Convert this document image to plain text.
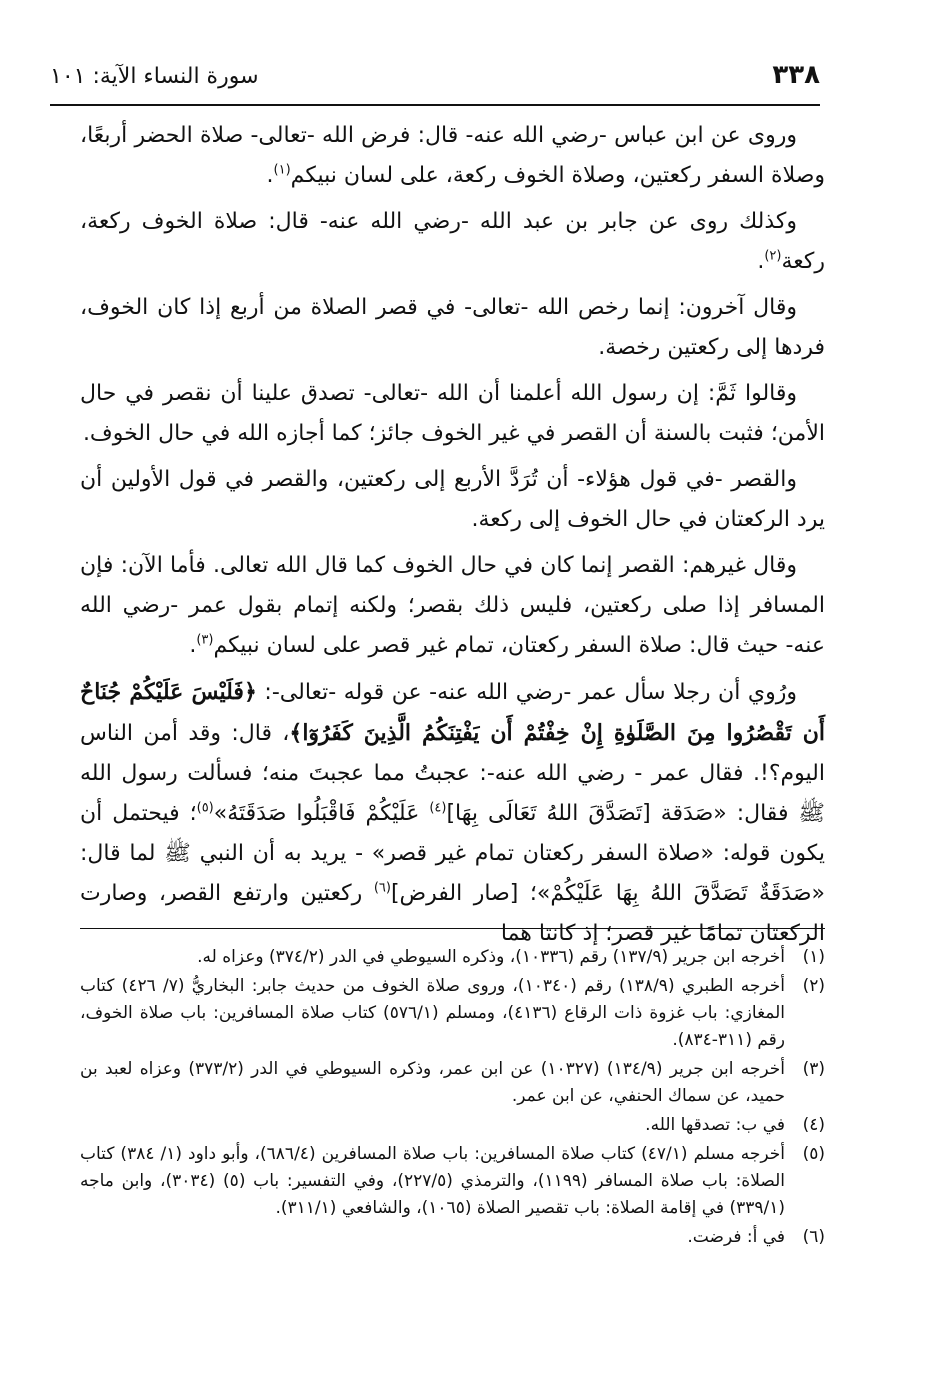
٣٣٨
سورة النساء الآية: ١٠١

وروى عن ابن عباس -رضي الله عنه- قال: فرض الله -تعالى- صلاة الحضر أربعًا، وصلاة السفر ركعتين، وصلاة الخوف ركعة، على لسان نبيكم$^{(١)}$.

وكذلك روى عن جابر بن عبد الله -رضي الله عنه- قال: صلاة الخوف ركعة، ركعة$^{(٢)}$.

وقال آخرون: إنما رخص الله -تعالى- في قصر الصلاة من أربع إذا كان الخوف، فردها إلى ركعتين رخصة.

وقالوا ثَمَّ: إن رسول الله أعلمنا أن الله -تعالى- تصدق علينا أن نقصر في حال الأمن؛ فثبت بالسنة أن القصر في غير الخوف جائز؛ كما أجازه الله في حال الخوف.

والقصر -في قول هؤلاء- أن تُرَدَّ الأربع إلى ركعتين، والقصر في قول الأولين أن يرد الركعتان في حال الخوف إلى ركعة.

وقال غيرهم: القصر إنما كان في حال الخوف كما قال الله تعالى. فأما الآن: فإن المسافر إذا صلى ركعتين، فليس ذلك بقصر؛ ولكنه إتمام بقول عمر -رضي الله عنه- حيث قال: صلاة السفر ركعتان، تمام غير قصر على لسان نبيكم$^{(٣)}$.

ورُوي أن رجلا سأل عمر -رضي الله عنه- عن قوله -تعالى-: ﴿فَلَيْسَ عَلَيْكُمْ جُنَاحٌ أَن تَقْصُرُوا مِنَ الصَّلَوٰةِ إِنْ خِفْتُمْ أَن يَفْتِنَكُمُ الَّذِينَ كَفَرُوٓا﴾، قال: وقد أمن الناس اليوم؟!. فقال عمر - رضي الله عنه-: عجبتُ مما عجبتَ منه؛ فسألت رسول الله ﷺ فقال: «صَدَقة [تَصَدَّقَ اللهُ تَعَالَى بِهَا]$^{(٤)}$ عَلَيْكُمْ فَاقْبَلُوا صَدَقَتَهُ»$^{(٥)}$؛ فيحتمل أن يكون قوله: «صلاة السفر ركعتان تمام غير قصر» - يريد به أن النبي ﷺ لما قال: «صَدَقَةٌ تَصَدَّقَ اللهُ بِهَا عَلَيْكُمْ»؛ [صار الفرض]$^{(٦)}$ ركعتين وارتفع القصر، وصارت الركعتان تمامًا غير قصر؛ إذ كانتا هما

(١)
أخرجه ابن جرير (١٣٧/٩) رقم (١٠٣٣٦)، وذكره السيوطي في الدر (٣٧٤/٢) وعزاه له.
(٢)
أخرجه الطبري (١٣٨/٩) رقم (١٠٣٤٠)، وروى صلاة الخوف من حديث جابر: البخاريُّ (٧/ ٤٢٦) كتاب المغازي: باب غزوة ذات الرقاع (٤١٣٦)، ومسلم (٥٧٦/١) كتاب صلاة المسافرين: باب صلاة الخوف، رقم (٣١١-٨٣٤).
(٣)
أخرجه ابن جرير (١٣٤/٩) (١٠٣٢٧) عن ابن عمر، وذكره السيوطي في الدر (٣٧٣/٢) وعزاه لعبد بن حميد، عن سماك الحنفي، عن ابن عمر.
(٤)
في ب: تصدقها الله.
(٥)
أخرجه مسلم (٤٧/١) كتاب صلاة المسافرين: باب صلاة المسافرين (٦٨٦/٤)، وأبو داود (١/ ٣٨٤) كتاب الصلاة: باب صلاة المسافر (١١٩٩)، والترمذي (٢٢٧/٥)، وفي التفسير: باب (٥) (٣٠٣٤)، وابن ماجه (٣٣٩/١) في إقامة الصلاة: باب تقصير الصلاة (١٠٦٥)، والشافعي (٣١١/١).
(٦)
في أ: فرضت.
